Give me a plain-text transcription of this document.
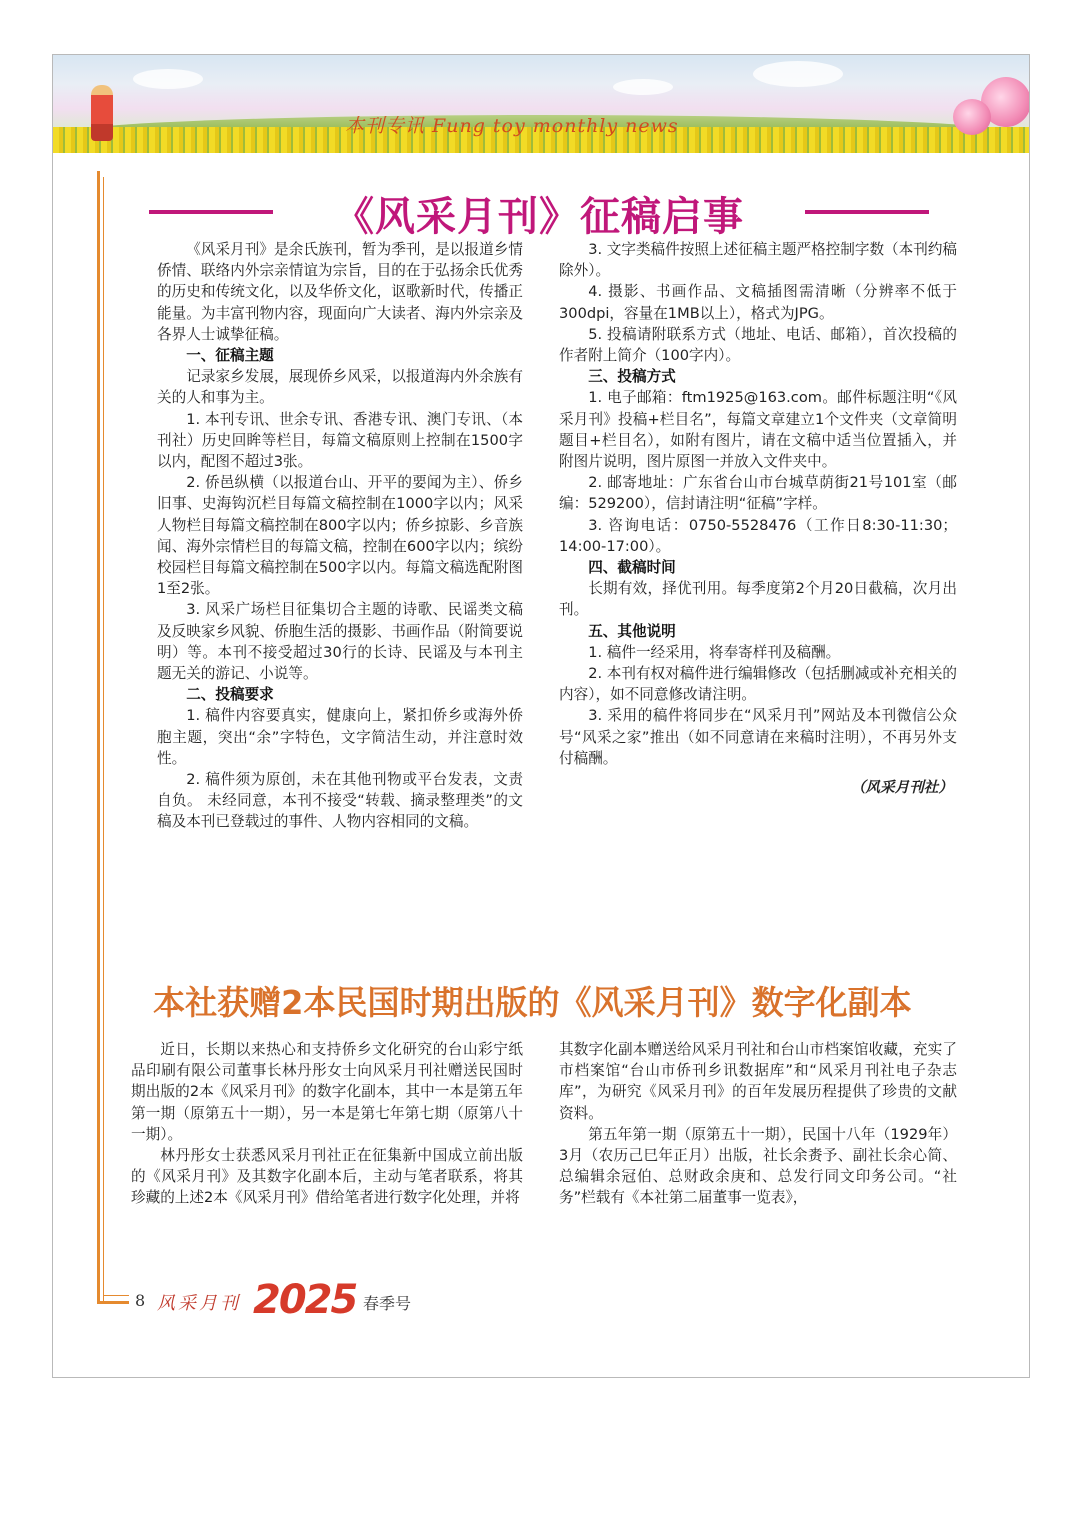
本刊专讯 Fung toy monthly news
《风采月刊》征稿启事

《风采月刊》是余氏族刊，暂为季刊，是以报道乡情侨情、联络内外宗亲情谊为宗旨，目的在于弘扬余氏优秀的历史和传统文化，以及华侨文化，讴歌新时代，传播正能量。为丰富刊物内容，现面向广大读者、海内外宗亲及各界人士诚挚征稿。

一、征稿主题

记录家乡发展，展现侨乡风采，以报道海内外余族有关的人和事为主。

1. 本刊专讯、世余专讯、香港专讯、澳门专讯、（本刊社）历史回眸等栏目，每篇文稿原则上控制在1500字以内，配图不超过3张。

2. 侨邑纵横（以报道台山、开平的要闻为主）、侨乡旧事、史海钩沉栏目每篇文稿控制在1000字以内；风采人物栏目每篇文稿控制在800字以内；侨乡掠影、乡音族闻、海外宗情栏目的每篇文稿，控制在600字以内；缤纷校园栏目每篇文稿控制在500字以内。每篇文稿选配附图1至2张。

3. 风采广场栏目征集切合主题的诗歌、民谣类文稿及反映家乡风貌、侨胞生活的摄影、书画作品（附简要说明）等。本刊不接受超过30行的长诗、民谣及与本刊主题无关的游记、小说等。

二、投稿要求

1. 稿件内容要真实，健康向上，紧扣侨乡或海外侨胞主题，突出“余”字特色，文字简洁生动，并注意时效性。

2. 稿件须为原创，未在其他刊物或平台发表，文责自负。 未经同意，本刊不接受“转载、摘录整理类”的文稿及本刊已登载过的事件、人物内容相同的文稿。

3. 文字类稿件按照上述征稿主题严格控制字数（本刊约稿除外）。

4. 摄影、书画作品、文稿插图需清晰（分辨率不低于300dpi，容量在1MB以上），格式为JPG。

5. 投稿请附联系方式（地址、电话、邮箱），首次投稿的作者附上简介（100字内）。

三、投稿方式

1. 电子邮箱：ftm1925@163.com。邮件标题注明“《风采月刊》投稿+栏目名”，每篇文章建立1个文件夹（文章简明题目+栏目名），如附有图片，请在文稿中适当位置插入，并附图片说明，图片原图一并放入文件夹中。

2. 邮寄地址：广东省台山市台城草荫街21号101室（邮编：529200），信封请注明“征稿”字样。

3. 咨询电话：0750-5528476（工作日8:30-11:30；14:00-17:00）。

四、截稿时间

长期有效，择优刊用。每季度第2个月20日截稿，次月出刊。

五、其他说明

1. 稿件一经采用，将奉寄样刊及稿酬。

2. 本刊有权对稿件进行编辑修改（包括删减或补充相关的内容），如不同意修改请注明。

3. 采用的稿件将同步在“风采月刊”网站及本刊微信公众号“风采之家”推出（如不同意请在来稿时注明），不再另外支付稿酬。

（风采月刊社）

本社获赠2本民国时期出版的《风采月刊》数字化副本

近日，长期以来热心和支持侨乡文化研究的台山彩宁纸品印刷有限公司董事长林丹彤女士向风采月刊社赠送民国时期出版的2本《风采月刊》的数字化副本，其中一本是第五年第一期（原第五十一期），另一本是第七年第七期（原第八十一期）。

林丹彤女士获悉风采月刊社正在征集新中国成立前出版的《风采月刊》及其数字化副本后，主动与笔者联系，将其珍藏的上述2本《风采月刊》借给笔者进行数字化处理，并将

其数字化副本赠送给风采月刊社和台山市档案馆收藏，充实了市档案馆“台山市侨刊乡讯数据库”和“风采月刊社电子杂志库”，为研究《风采月刊》的百年发展历程提供了珍贵的文献资料。

第五年第一期（原第五十一期），民国十八年（1929年）3月（农历己巳年正月）出版，社长余赉予、副社长余心简、总编辑余冠伯、总财政余庚和、总发行同文印务公司。“社务”栏载有《本社第二届董事一览表》，

8 风采月刊 2025 春季号
